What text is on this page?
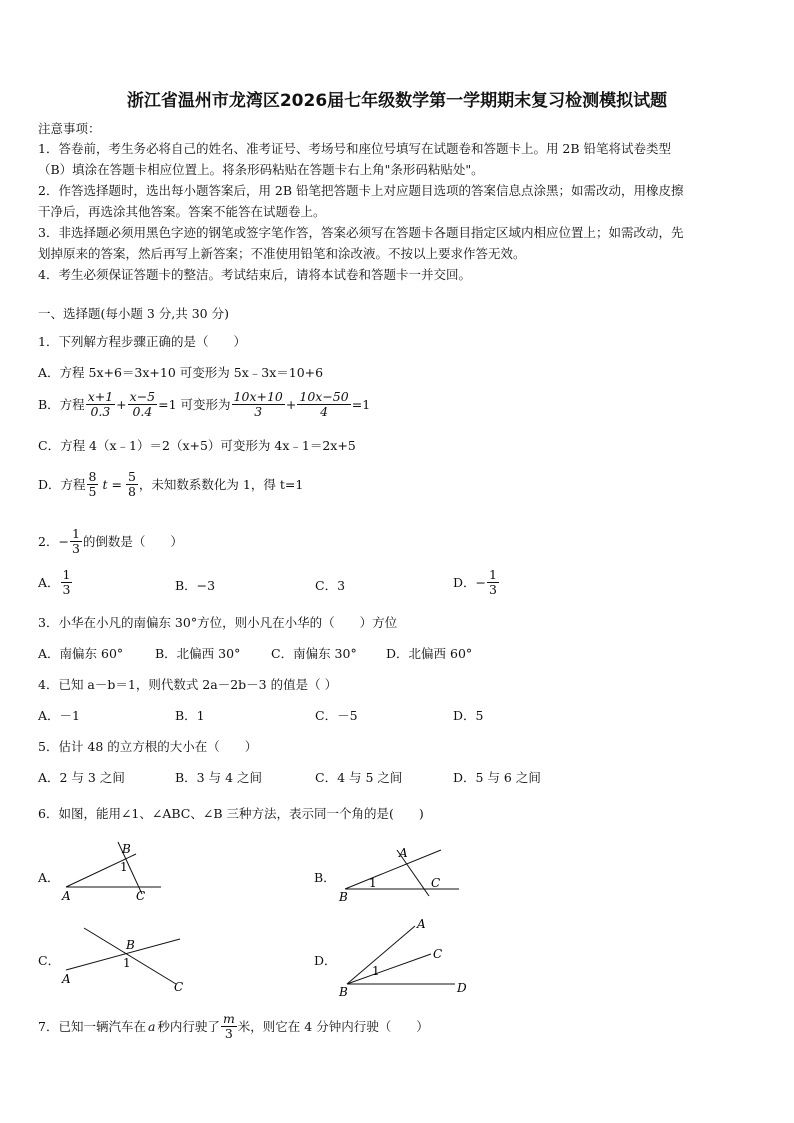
浙江省温州市龙湾区2026届七年级数学第一学期期末复习检测模拟试题
注意事项：
1．答卷前，考生务必将自己的姓名、准考证号、考场号和座位号填写在试题卷和答题卡上。用 2B 铅笔将试卷类型
（B）填涂在答题卡相应位置上。将条形码粘贴在答题卡右上角"条形码粘贴处"。
2．作答选择题时，选出每小题答案后，用 2B 铅笔把答题卡上对应题目选项的答案信息点涂黑；如需改动，用橡皮擦
干净后，再选涂其他答案。答案不能答在试题卷上。
3．非选择题必须用黑色字迹的钢笔或签字笔作答，答案必须写在答题卡各题目指定区域内相应位置上；如需改动，先
划掉原来的答案，然后再写上新答案；不准使用铅笔和涂改液。不按以上要求作答无效。
4．考生必须保证答题卡的整洁。考试结束后，请将本试卷和答题卡一并交回。
一、选择题(每小题 3 分,共 30 分)
1．下列解方程步骤正确的是（　　）
A．方程 5x+6＝3x+10 可变形为 5x﹣3x＝10+6
B．方程 $\frac{x+1}{0.3} + \frac{x-5}{0.4} =1$ 可变形为 $\frac{10x+10}{3} + \frac{10x-50}{4} =1$
C．方程 4（x﹣1）＝2（x+5）可变形为 4x﹣1＝2x+5
D．方程 $\frac{8}{5}$ $t = \frac{5}{8}$ ，未知数系数化为 1，得 t=1
2． − $\frac{1}{3}$ 的倒数是（　　）
A． $\frac{1}{3}$	B．−3	C．3	D．− $\frac{1}{3}$
3．小华在小凡的南偏东 30°方位，则小凡在小华的（　　）方位
A．南偏东 60°	B．北偏西 30° C．南偏东 30° D．北偏西 60°
4．已知 a－b＝1，则代数式 2a－2b－3 的值是（ ）
A．－1	B．1	C．－5	D．5
5．估计 48 的立方根的大小在（　　）
A．2 与 3 之间	B．3 与 4 之间	C．4 与 5 之间	D．5 与 6 之间
6．如图，能用∠1、∠ABC、∠B 三种方法，表示同一个角的是(　　)
A．
B
1
A	C
B．
A
1
B
C
C．
B
1
A
C
D．
A
C
1
B	D
7．已知一辆汽车在 a 秒内行驶了 $\frac{m}{3}$ 米，则它在 4 分钟内行驶（　　）
